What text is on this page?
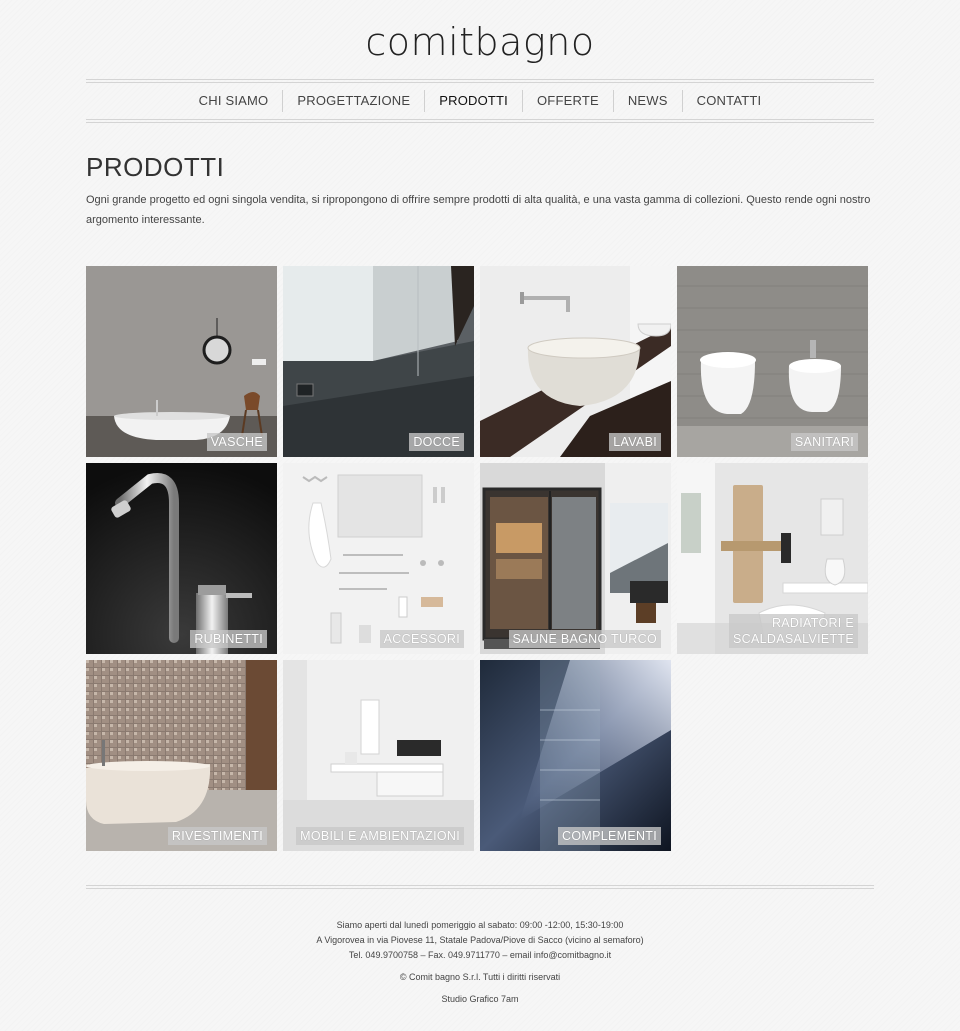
comitbagno
CHI SIAMO	PROGETTAZIONE	PRODOTTI	OFFERTE	NEWS	CONTATTI
PRODOTTI

Ogni grande progetto ed ogni singola vendita, si ripropongono di offrire sempre prodotti di alta qualità, e una vasta gamma di collezioni. Questo rende ogni nostro argomento interessante.

VASCHE	DOCCE	LAVABI	SANITARI
RUBINETTI	ACCESSORI	SAUNE BAGNO TURCO
RADIATORI E
SCALDASALVIETTE
RIVESTIMENTI	MOBILI E AMBIENTAZIONI	COMPLEMENTI
Siamo aperti dal lunedì pomeriggio al sabato: 09:00 -12:00, 15:30-19:00
A Vigorovea in via Piovese 11, Statale Padova/Piove di Sacco (vicino al semaforo)
Tel. 049.9700758 – Fax. 049.9711770 – email info@comitbagno.it
© Comit bagno S.r.l. Tutti i diritti riservati
Studio Grafico 7am
